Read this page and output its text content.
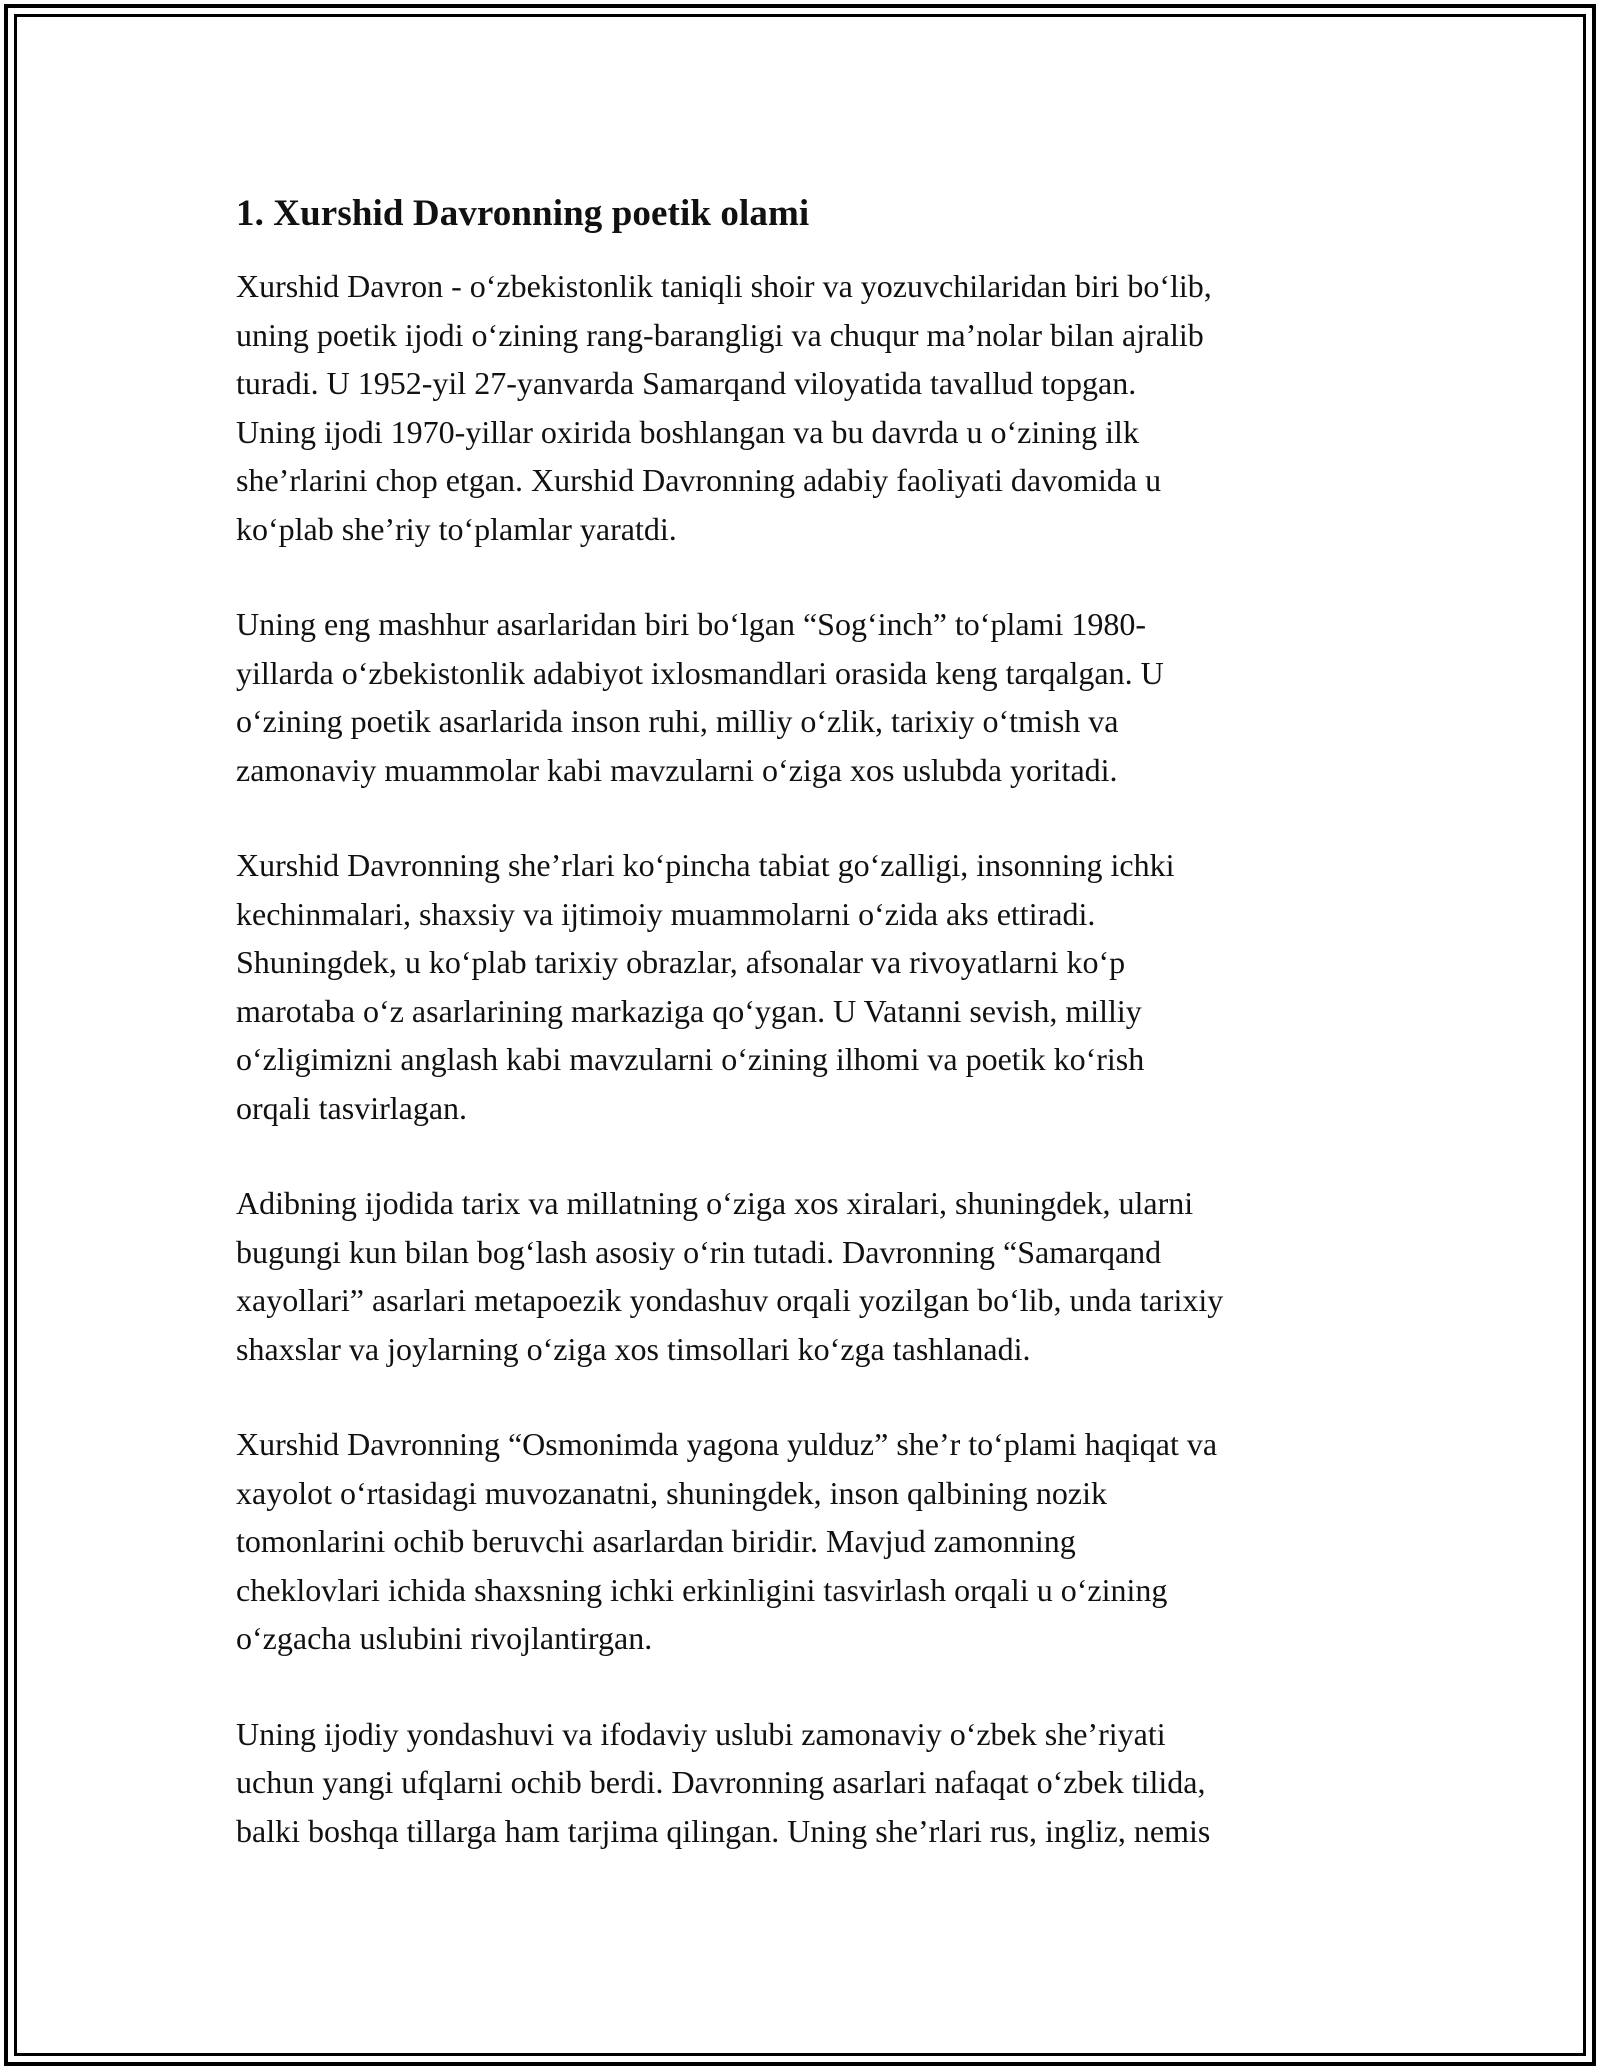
1. Xurshid Davronning poetik olami

Xurshid Davron - o‘zbekistonlik taniqli shoir va yozuvchilaridan biri bo‘lib,
uning poetik ijodi o‘zining rang-barangligi va chuqur ma’nolar bilan ajralib
turadi. U 1952-yil 27-yanvarda Samarqand viloyatida tavallud topgan.
Uning ijodi 1970-yillar oxirida boshlangan va bu davrda u o‘zining ilk
she’rlarini chop etgan. Xurshid Davronning adabiy faoliyati davomida u
ko‘plab she’riy to‘plamlar yaratdi.

Uning eng mashhur asarlaridan biri bo‘lgan “Sog‘inch” to‘plami 1980-
yillarda o‘zbekistonlik adabiyot ixlosmandlari orasida keng tarqalgan. U
o‘zining poetik asarlarida inson ruhi, milliy o‘zlik, tarixiy o‘tmish va
zamonaviy muammolar kabi mavzularni o‘ziga xos uslubda yoritadi.

Xurshid Davronning she’rlari ko‘pincha tabiat go‘zalligi, insonning ichki
kechinmalari, shaxsiy va ijtimoiy muammolarni o‘zida aks ettiradi.
Shuningdek, u ko‘plab tarixiy obrazlar, afsonalar va rivoyatlarni ko‘p
marotaba o‘z asarlarining markaziga qo‘ygan. U Vatanni sevish, milliy
o‘zligimizni anglash kabi mavzularni o‘zining ilhomi va poetik ko‘rish
orqali tasvirlagan.

Adibning ijodida tarix va millatning o‘ziga xos xiralari, shuningdek, ularni
bugungi kun bilan bog‘lash asosiy o‘rin tutadi. Davronning “Samarqand
xayollari” asarlari metapoezik yondashuv orqali yozilgan bo‘lib, unda tarixiy
shaxslar va joylarning o‘ziga xos timsollari ko‘zga tashlanadi.

Xurshid Davronning “Osmonimda yagona yulduz” she’r to‘plami haqiqat va
xayolot o‘rtasidagi muvozanatni, shuningdek, inson qalbining nozik
tomonlarini ochib beruvchi asarlardan biridir. Mavjud zamonning
cheklovlari ichida shaxsning ichki erkinligini tasvirlash orqali u o‘zining
o‘zgacha uslubini rivojlantirgan.

Uning ijodiy yondashuvi va ifodaviy uslubi zamonaviy o‘zbek she’riyati
uchun yangi ufqlarni ochib berdi. Davronning asarlari nafaqat o‘zbek tilida,
balki boshqa tillarga ham tarjima qilingan. Uning she’rlari rus, ingliz, nemis
